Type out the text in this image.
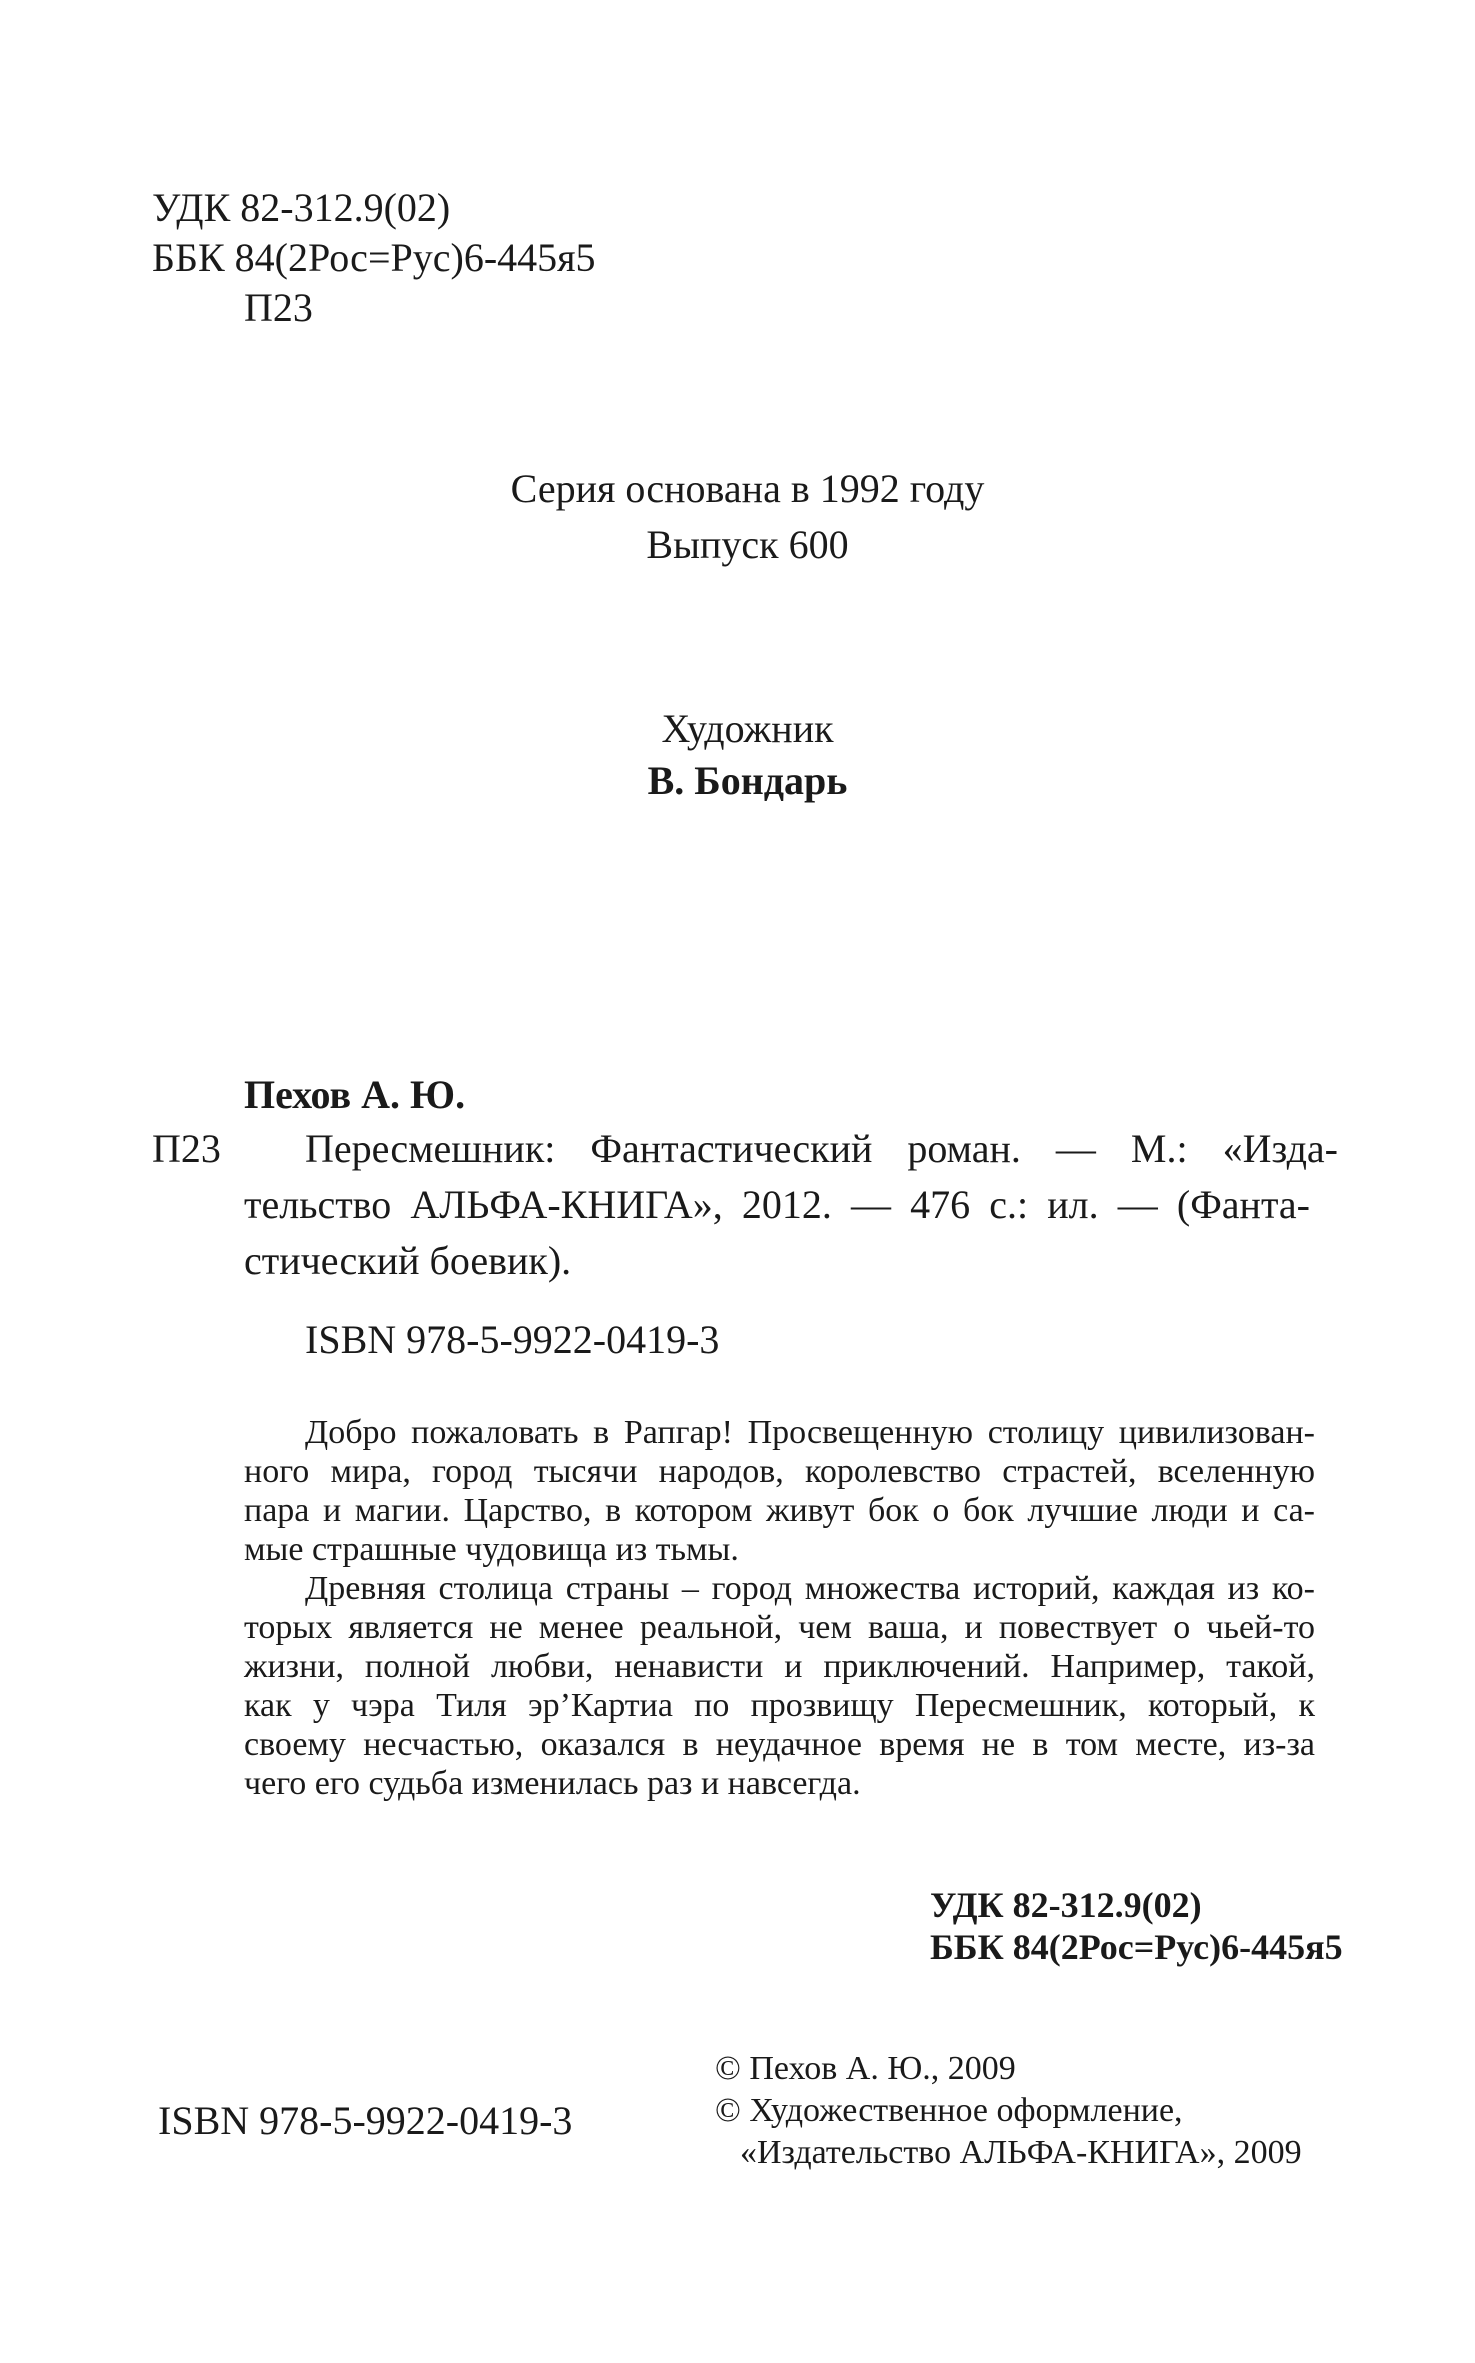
УДК 82-312.9(02)
ББК 84(2Рос=Рус)6-445я5
П23
Серия основана в 1992 году
Выпуск 600
Художник
В. Бондарь
Пехов А. Ю.
П23 Пересмешник: Фантастический роман. — М.: «Изда-
тельство АЛЬФА-КНИГА», 2012. — 476 с.: ил. — (Фанта-
стический боевик).
ISBN 978-5-9922-0419-3
Добро пожаловать в Рапгар! Просвещенную столицу цивилизован-
ного мира, город тысячи народов, королевство страстей, вселенную
пара и магии. Царство, в котором живут бок о бок лучшие люди и са-
мые страшные чудовища из тьмы.
Древняя столица страны – город множества историй, каждая из ко-
торых является не менее реальной, чем ваша, и повествует о чьей-то
жизни, полной любви, ненависти и приключений. Например, такой,
как у чэра Тиля эр’Картиа по прозвищу Пересмешник, который, к
своему несчастью, оказался в неудачное время не в том месте, из-за
чего его судьба изменилась раз и навсегда.
УДК 82-312.9(02)
ББК 84(2Рос=Рус)6-445я5
ISBN 978-5-9922-0419-3
© Пехов А. Ю., 2009
© Художественное оформление,
«Издательство АЛЬФА-КНИГА», 2009
